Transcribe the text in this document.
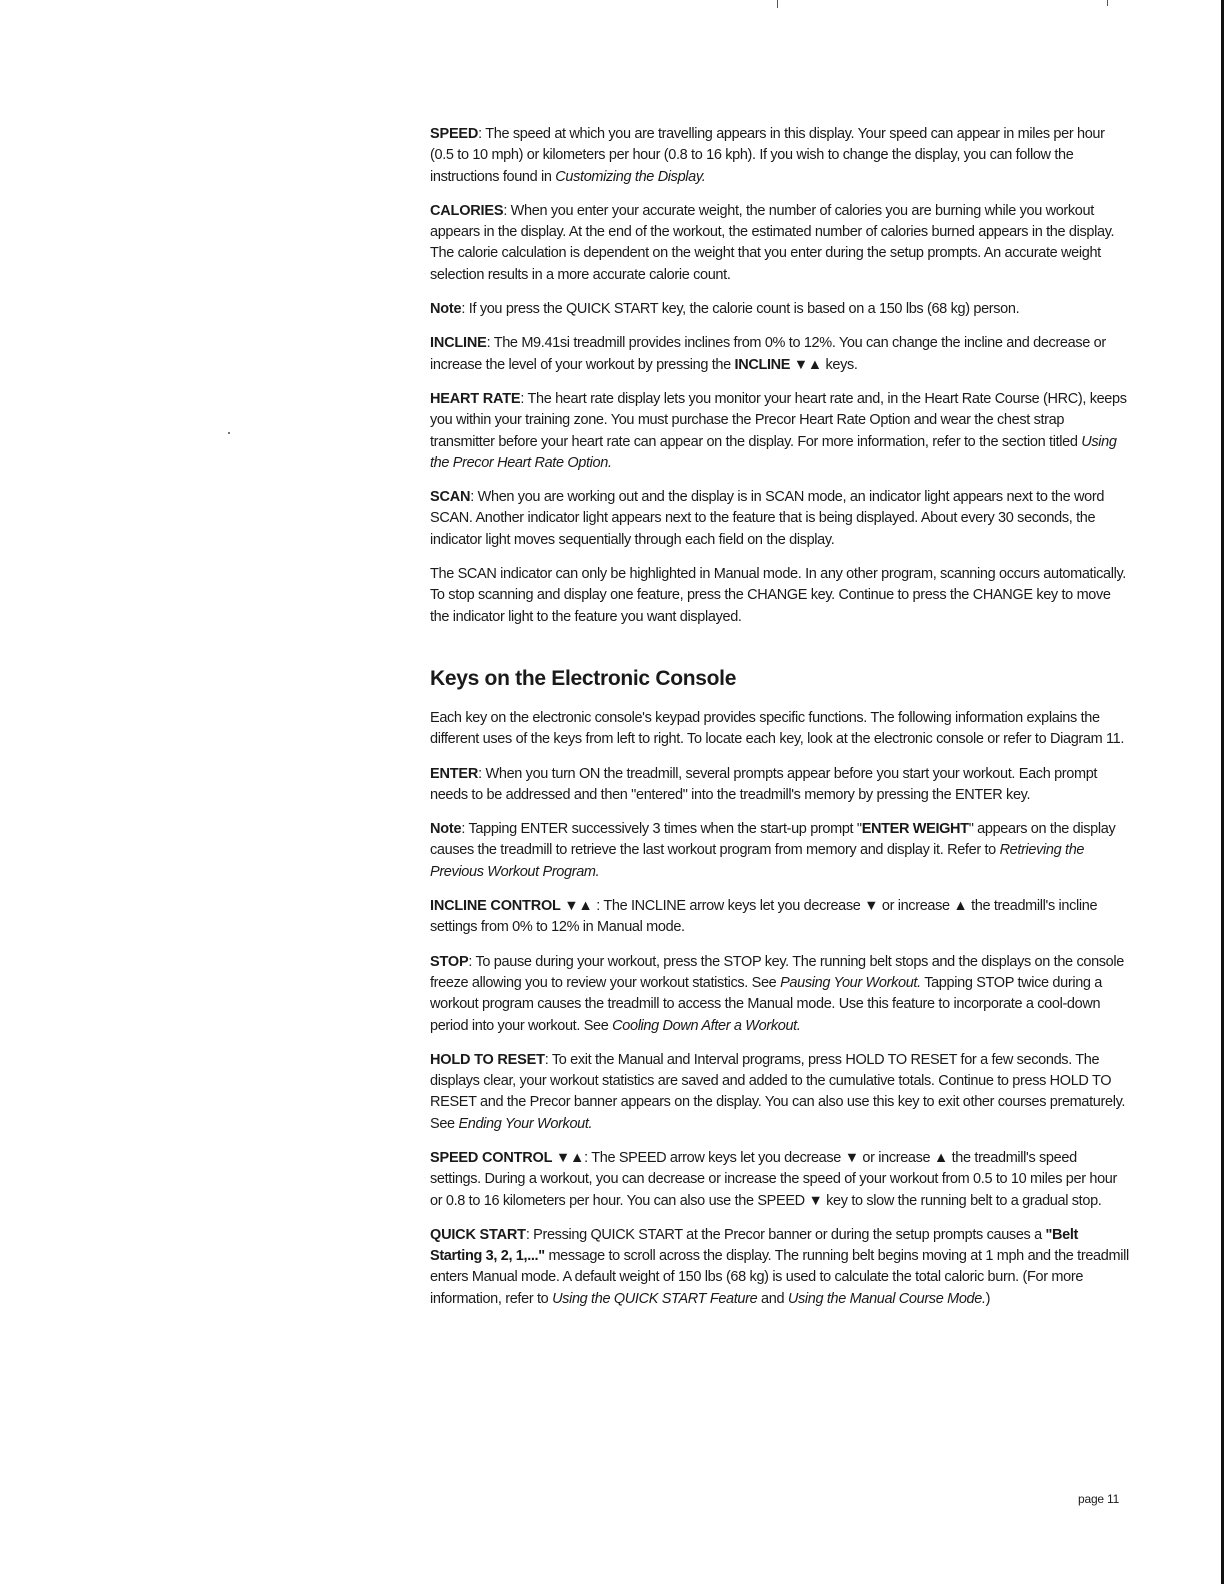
SPEED: The speed at which you are travelling appears in this display. Your speed can appear in miles per hour (0.5 to 10 mph) or kilometers per hour (0.8 to 16 kph). If you wish to change the display, you can follow the instructions found in Customizing the Display.

CALORIES: When you enter your accurate weight, the number of calories you are burning while you workout appears in the display. At the end of the workout, the estimated number of calories burned appears in the display. The calorie calculation is dependent on the weight that you enter during the setup prompts. An accurate weight selection results in a more accurate calorie count.

Note: If you press the QUICK START key, the calorie count is based on a 150 lbs (68 kg) person.

INCLINE: The M9.41si treadmill provides inclines from 0% to 12%. You can change the incline and decrease or increase the level of your workout by pressing the INCLINE ▼▲ keys.

HEART RATE: The heart rate display lets you monitor your heart rate and, in the Heart Rate Course (HRC), keeps you within your training zone. You must purchase the Precor Heart Rate Option and wear the chest strap transmitter before your heart rate can appear on the display. For more information, refer to the section titled Using the Precor Heart Rate Option.

SCAN: When you are working out and the display is in SCAN mode, an indicator light appears next to the word SCAN. Another indicator light appears next to the feature that is being displayed. About every 30 seconds, the indicator light moves sequentially through each field on the display.

The SCAN indicator can only be highlighted in Manual mode. In any other program, scanning occurs automatically. To stop scanning and display one feature, press the CHANGE key. Continue to press the CHANGE key to move the indicator light to the feature you want displayed.

Keys on the Electronic Console

Each key on the electronic console's keypad provides specific functions. The following information explains the different uses of the keys from left to right. To locate each key, look at the electronic console or refer to Diagram 11.

ENTER: When you turn ON the treadmill, several prompts appear before you start your workout. Each prompt needs to be addressed and then "entered" into the treadmill's memory by pressing the ENTER key.

Note: Tapping ENTER successively 3 times when the start-up prompt "ENTER WEIGHT" appears on the display causes the treadmill to retrieve the last workout program from memory and display it. Refer to Retrieving the Previous Workout Program.

INCLINE CONTROL ▼▲ : The INCLINE arrow keys let you decrease ▼ or increase ▲ the treadmill's incline settings from 0% to 12% in Manual mode.

STOP: To pause during your workout, press the STOP key. The running belt stops and the displays on the console freeze allowing you to review your workout statistics. See Pausing Your Workout. Tapping STOP twice during a workout program causes the treadmill to access the Manual mode. Use this feature to incorporate a cool-down period into your workout. See Cooling Down After a Workout.

HOLD TO RESET: To exit the Manual and Interval programs, press HOLD TO RESET for a few seconds. The displays clear, your workout statistics are saved and added to the cumulative totals. Continue to press HOLD TO RESET and the Precor banner appears on the display. You can also use this key to exit other courses prematurely. See Ending Your Workout.

SPEED CONTROL ▼▲: The SPEED arrow keys let you decrease ▼ or increase ▲ the treadmill's speed settings. During a workout, you can decrease or increase the speed of your workout from 0.5 to 10 miles per hour or 0.8 to 16 kilometers per hour. You can also use the SPEED ▼ key to slow the running belt to a gradual stop.

QUICK START: Pressing QUICK START at the Precor banner or during the setup prompts causes a "Belt Starting 3, 2, 1,..." message to scroll across the display. The running belt begins moving at 1 mph and the treadmill enters Manual mode. A default weight of 150 lbs (68 kg) is used to calculate the total caloric burn. (For more information, refer to Using the QUICK START Feature and Using the Manual Course Mode.)

page 11
